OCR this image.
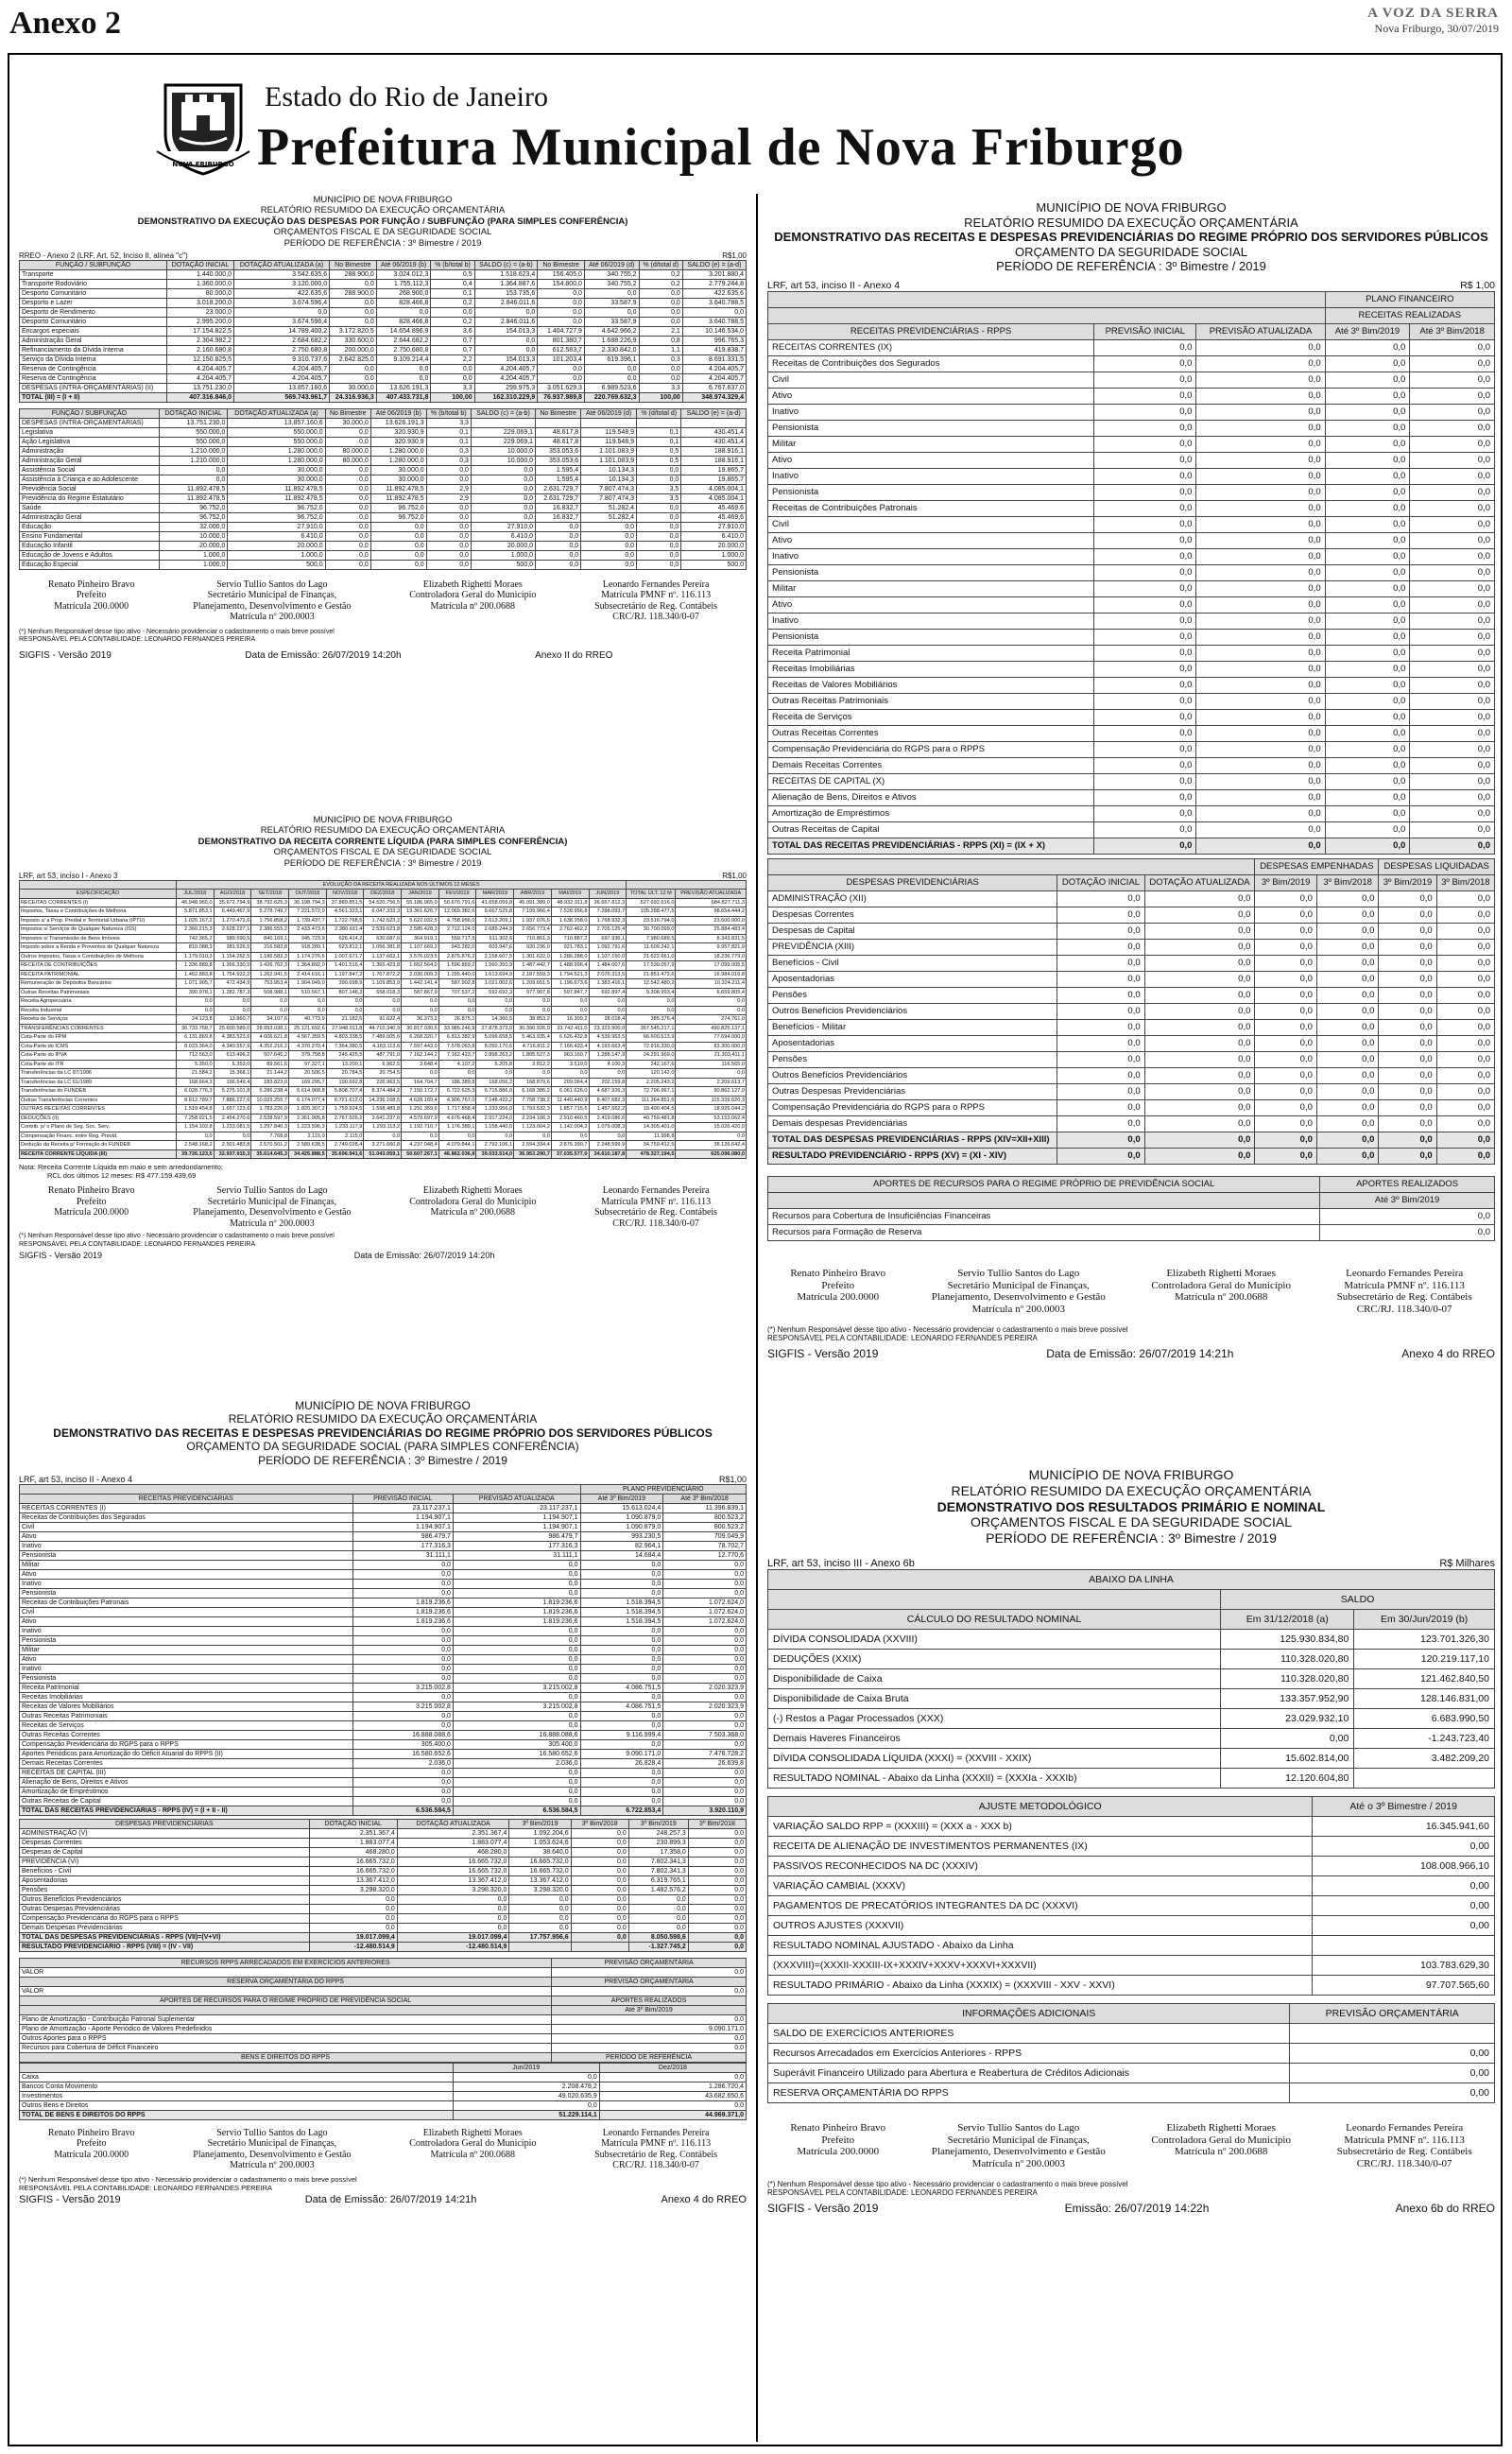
Anexo 2	A VOZ DA SERRA
Nova Friburgo, 30/07/2019
NOVA FRIBURGO
Estado do Rio de Janeiro
Prefeitura Municipal de Nova Friburgo
MUNICÍPIO DE NOVA FRIBURGO
RELATÓRIO RESUMIDO DA EXECUÇÃO ORÇAMENTÁRIA
DEMONSTRATIVO DA EXECUÇÃO DAS DESPESAS POR FUNÇÃO / SUBFUNÇÃO (PARA SIMPLES CONFERÊNCIA)
ORÇAMENTOS FISCAL E DA SEGURIDADE SOCIAL
PERÍODO DE REFERÊNCIA : 3º Bimestre / 2019
RREO - Anexo 2 (LRF, Art. 52, Inciso II, alínea "c")	R$1,00
FUNÇÃO / SUBFUNÇÃO	DOTAÇÃO INICIAL	DOTAÇÃO ATUALIZADA (a)	No Bimestre	Até 06/2019 (b)	% (b/total b)	SALDO (c) = (a-b)	No Bimestre	Até 06/2019 (d)	% (d/total d)	SALDO (e) = (a-d)
Transporte	1.440.000,0	3.542.635,6	288.900,0	3.024.012,3	0,5	1.518.623,4	156.405,0	340.755,2	0,2	3.201.880,4
Transporte Rodoviário	1.360.000,0	3.120.000,0	0,0	1.755.112,3	0,4	1.364.887,6	154.800,0	340.755,2	0,2	2.779.244,8
Desporto Comunitário	80.000,0	422.635,6	288.900,0	268.900,0	0,1	153.735,6	0,0	0,0	0,0	422.635,6
Desporto e Lazer	3.018.200,0	3.674.596,4	0,0	828.466,8	0,2	2.846.011,6	0,0	33.587,9	0,0	3.640.788,5
Desporto de Rendimento	23.000,0	0,0	0,0	0,0	0,0	0,0	0,0	0,0	0,0	0,0
Desporto Comunitário	2.995.200,0	3.674.596,4	0,0	828.466,8	0,2	2.846.011,6	0,0	33.587,9	0,0	3.640.788,5
Encargos especiais	17.154.822,5	14.789.400,2	3.172.820,5	14.654.896,9	3,6	154.013,3	1.404.727,9	4.642.966,2	2,1	10.146.534,0
Administração Geral	2.304.982,2	2.684.682,2	330.600,0	2.644.682,2	0,7	0,0	801.380,7	1.688.226,9	0,8	996.765,3
Refinanciamento da Dívida Interna	2.160.680,8	2.750.680,8	200.000,0	2.750.680,8	0,7	0,0	612.583,7	2.330.842,0	1,1	419.838,7
Serviço da Dívida Interna	12.150.825,5	9.310.737,6	2.642.825,0	9.109.214,4	2,2	154.013,3	101.203,4	619.396,1	0,3	8.691.331,5
Reserva de Contingência	4.204.405,7	4.204.405,7	0,0	0,0	0,0	4.204.405,7	0,0	0,0	0,0	4.204.405,7
Reserva de Contingência	4.204.405,7	4.204.405,7	0,0	0,0	0,0	4.204.405,7	0,0	0,0	0,0	4.204.405,7
DESPESAS (INTRA-ORÇAMENTÁRIAS) (II)	13.751.230,0	13.857.160,6	30.000,0	13.626.191,3	3,3	299.975,3	3.051.629,3	6.989.523,6	3,3	6.767.637,0
TOTAL (III) = (I + II)	407.316.846,0	569.743.961,7	24.316.936,3	407.433.731,8	100,00	162.310.229,9	76.937.989,8	220.769.632,3	100,00	348.974.329,4
FUNÇÃO / SUBFUNÇÃO	DOTAÇÃO INICIAL	DOTAÇÃO ATUALIZADA (a)	No Bimestre	Até 06/2019 (b)	% (b/total b)	SALDO (c) = (a-b)	No Bimestre	Até 06/2019 (d)	% (d/total d)	SALDO (e) = (a-d)
DESPESAS (INTRA-ORÇAMENTÁRIAS)	13.751.230,0	13.857.160,6	30.000,0	13.626.191,3	3,3					
Legislativa	550.000,0	550.000,0	0,0	320.930,9	0,1	229.069,1	48.617,8	119.548,9	0,1	430.451,4
Ação Legislativa	550.000,0	550.000,0	0,0	320.930,9	0,1	229.069,1	48.617,8	119.548,9	0,1	430.451,4
Administração	1.210.000,0	1.280.000,0	80.000,0	1.280.000,0	0,3	10.000,0	353.053,6	1.101.083,9	0,5	188.916,1
Administração Geral	1.210.000,0	1.280.000,0	80.000,0	1.280.000,0	0,3	10.000,0	353.053,6	1.101.083,9	0,5	188.916,1
Assistência Social	0,0	30.000,0	0,0	30.000,0	0,0	0,0	1.595,4	10.134,3	0,0	19.865,7
Assistência à Criança e ao Adolescente	0,0	30.000,0	0,0	30.000,0	0,0	0,0	1.595,4	10.134,3	0,0	19.865,7
Previdência Social	11.892.478,5	11.892.478,5	0,0	11.892.478,5	2,9	0,0	2.631.729,7	7.807.474,3	3,5	4.085.004,1
Previdência do Regime Estatutário	11.892.478,5	11.892.478,5	0,0	11.892.478,5	2,9	0,0	2.631.729,7	7.807.474,3	3,5	4.085.004,1
Saúde	96.752,0	96.752,0	0,0	96.752,0	0,0	0,0	16.832,7	51.282,4	0,0	45.469,6
Administração Geral	96.752,0	96.752,0	0,0	96.752,0	0,0	0,0	16.832,7	51.282,4	0,0	45.469,6
Educação	32.000,0	27.910,0	0,0	0,0	0,0	27.910,0	0,0	0,0	0,0	27.910,0
Ensino Fundamental	10.000,0	6.410,0	0,0	0,0	0,0	6.410,0	0,0	0,0	0,0	6.410,0
Educação Infantil	20.000,0	20.000,0	0,0	0,0	0,0	20.000,0	0,0	0,0	0,0	20.000,0
Educação de Jovens e Adultos	1.000,0	1.000,0	0,0	0,0	0,0	1.000,0	0,0	0,0	0,0	1.000,0
Educação Especial	1.000,0	500,0	0,0	0,0	0,0	500,0	0,0	0,0	0,0	500,0
Renato Pinheiro Bravo
Prefeito
Matrícula 200.0000
Servio Tullio Santos do Lago
Secretário Municipal de Finanças,
Planejamento, Desenvolvimento e Gestão
Matrícula nº 200.0003
Elizabeth Righetti Moraes
Controladora Geral do Município
Matrícula nº 200.0688
Leonardo Fernandes Pereira
Matrícula PMNF nº. 116.113
Subsecretário de Reg. Contábeis
CRC/RJ. 118.340/0-07
(*) Nenhum Responsável desse tipo ativo - Necessário providenciar o cadastramento o mais breve possível
RESPONSÁVEL PELA CONTABILIDADE: LEONARDO FERNANDES PEREIRA
SIGFIS - Versão 2019	Data de Emissão: 26/07/2019 14:20h	Anexo II do RREO
MUNICÍPIO DE NOVA FRIBURGO
RELATÓRIO RESUMIDO DA EXECUÇÃO ORÇAMENTÁRIA
DEMONSTRATIVO DA RECEITA CORRENTE LÍQUIDA (PARA SIMPLES CONFERÊNCIA)
ORÇAMENTOS FISCAL E DA SEGURIDADE SOCIAL
PERÍODO DE REFERÊNCIA : 3º Bimestre / 2019
LRF, art 53, inciso I - Anexo 3	R$1,00
	EVOLUÇÃO DA RECEITA REALIZADA NOS ÚLTIMOS 12 MESES													
ESPECIFICAÇÃO	JUL/2018	AGO/2018	SET/2018	OUT/2018	NOV/2018	DEZ/2018	JAN/2019	FEV/2019	MAR/2019	ABR/2019	MAI/2019	JUN/2019	TOTAL ÚLT. 12 M	PREVISÃO ATUALIZADA
RECEITAS CORRENTES (I)	46.948.965,0	35.672.794,9	38.792.625,3	36.198.794,3	37.889.851,5	54.520.756,5	55.186.965,0	50.670.791,6	41.658.059,8	45.091.389,0	48.932.911,8	36.657.812,3	527.692.616,0	684.827.711,3
Impostos, Taxas e Contribuições de Melhoria	5.871.853,1	6.449.467,9	5.278.749,7	7.221.572,0	4.561.323,1	6.047.333,3	19.361.626,7	12.069.382,6	9.667.525,8	7.199.966,4	7.528.956,8	7.288.093,7	105.288.477,5	98.654.444,2
Imposto s/ a Prop. Predial e Territorial Urbana (IPTU)	1.020.167,2	1.270.472,6	1.756.858,2	1.739.437,7	1.722.768,5	1.742.523,2	5.622.032,5	4.758.956,0	2.613.209,1	1.937.076,5	1.638.358,0	1.768.932,3	23.516.794,0	23.600.000,0
Impostos s/ Serviços de Qualquer Natureza (ISS)	2.360.215,3	2.628.227,1	2.386.555,2	2.433.473,6	2.380.611,4	2.539.023,8	2.585.428,3	2.712.124,0	2.689.244,9	2.656.773,4	2.762.462,2	2.705.125,4	30.700.099,0	25.884.483,4
Impostos s/ Transmissão de Bens Imóveis	742.365,2	989.590,5	840.169,1	945.723,9	626.414,2	630.687,6	364.919,1	559.717,5	611.302,6	710.861,3	710.887,2	697.936,1	7.980.689,5	8.343.831,5
Imposto sobre a Renda e Proventos de Qualquer Natureza	810.088,3	381.526,5	216.582,8	918.289,1	623.812,1	1.056.381,8	1.107.669,2	943.282,0	603.947,6	920.236,0	921.783,1	1.092.791,6	11.609.242,1	9.957.821,9
Outros Impostos, Taxas e Contribuições de Melhoria	1.179.010,3	1.154.262,5	1.186.582,3	1.174.276,6	1.007.671,7	1.137.662,1	3.576.023,5	2.875.876,2	2.158.607,5	1.301.622,0	1.286.288,0	1.107.150,0	21.622.661,0	18.236.779,0
RECEITA DE CONTRIBUIÇÕES	1.336.889,8	1.366.330,5	1.426.762,3	1.364.892,0	1.401.516,4	1.365.423,8	1.652.564,0	1.596.869,2	1.560.350,9	1.487.442,7	1.488.996,4	1.484.007,6	17.530.057,9	17.099.005,5
RECEITA PATRIMONIAL	1.462.883,8	1.754.922,2	1.262.941,5	2.414.616,1	1.197.847,2	1.767.872,2	2.030.009,3	1.295.440,0	1.613.694,9	2.187.559,3	1.794.521,3	2.076.313,5	21.851.473,6	16.984.016,8
Remuneração de Depósitos Bancários	1.071.905,7	472.434,9	753.953,4	1.904.049,0	390.698,9	1.109.853,9	1.442.141,4	587.902,8	1.021.002,6	1.209.651,5	1.196.673,6	1.383.416,1	12.542.480,2	10.324.211,4
Outras Receitas Patrimoniais	390.978,1	1.282.787,3	508.988,1	510.567,1	807.148,3	658.018,3	587.867,9	707.537,2	592.692,3	977.907,8	597.847,7	692.897,4	9.308.993,4	6.659.805,4
Receita Agropecuária	0,0	0,0	0,0	0,0	0,0	0,0	0,0	0,0	0,0	0,0	0,0	0,0	0,0	0,0
Receita Industrial	0,0	0,0	0,0	0,0	0,0	0,0	0,0	0,0	0,0	0,0	0,0	0,0	0,0	0,0
Receita de Serviços	24.123,8	13.860,7	34.107,6	40.773,9	21.182,6	91.622,4	36.373,2	26.875,1	14.360,5	38.853,2	16.309,2	28.018,4	385.376,4	274.761,0
TRANSFERÊNCIAS CORRENTES	36.733.758,7	25.600.589,0	28.993.038,1	25.121.692,6	27.948.011,8	44.710.340,9	30.817.030,6	33.985.246,9	27.878.373,0	30.390.926,0	33.742.411,0	23.323.900,0	367.545.217,1	490.825.137,1
Cota-Parte do FPM	6.131.869,8	4.383.523,6	4.606.621,8	4.567.359,5	4.803.338,5	7.489.005,6	6.268.320,7	6.813.382,9	5.096.658,5	5.463.935,4	6.626.432,8	4.539.963,5	66.600.513,9	77.694.000,0
Cota-Parte do ICMS	8.023.364,0	4.340.557,9	4.352.216,2	4.370.270,4	7.364.380,5	4.163.113,6	7.597.443,0	7.578.063,8	8.050.170,6	4.716.811,2	7.166.433,4	4.193.663,4	72.916.330,0	83.300.000,0
Cota-Parte do IPVA	712.563,0	613.496,2	507.645,2	379.758,8	245.425,5	487.791,0	7.162.144,2	7.162.423,7	2.898.263,2	1.805.527,3	963.160,7	1.288.147,9	24.291.969,0	21.303.411,1
Cota-Parte do ITR	5.350,0	6.353,0	89.561,6	97.327,1	13.200,1	6.962,5	3.648,4	4.107,2	5.205,8	3.812,2	3.519,0	4.100,3	242.167,6	116.565,0
Transferências da LC 87/1996	21.584,2	15.368,1	21.144,2	20.506,5	20.784,5	20.754,5	0,0	0,0	0,0	0,0	0,0	0,0	120.142,0	0,0
Transferências da LC 61/1989	168.664,3	166.549,4	183.823,0	169.295,7	190.692,8	226.963,5	164.704,7	186.389,8	168.056,2	168.879,6	209.064,4	202.159,8	2.205.243,2	2.209.613,7
Transferências do FUNDEB	6.028.776,3	5.275.101,8	5.286.238,4	5.614.968,8	5.808.707,4	8.374.484,2	7.150.172,7	6.722.625,3	6.715.886,0	6.168.386,2	6.061.626,0	4.687.926,3	72.796.967,1	90.862.127,0
Outras Transferências Correntes	8.612.789,7	7.886.227,6	10.023.255,7	6.174.077,4	6.721.612,0	14.236.168,5	4.628.169,4	4.906.767,0	7.148.422,2	7.758.738,2	11.440.440,9	8.407.682,3	111.364.851,5	115.339.620,3
OUTRAS RECEITAS CORRENTES	1.519.454,8	1.657.123,6	1.783.226,0	1.820.307,2	1.759.924,5	1.598.483,8	1.291.359,6	1.717.858,4	1.233.956,0	1.793.532,3	1.857.715,6	1.457.562,2	19.490.404,5	18.926.044,2
DEDUÇÕES (II)	7.258.921,5	2.454.270,6	2.538.597,9	2.361.905,8	2.767.505,2	3.641.237,6	4.579.697,9	4.676.468,4	2.917.224,0	2.234.106,3	2.910.460,5	2.419.086,6	40.759.481,8	53.153.062,4
Contrib. p/ o Plano de Seg. Soc. Serv.	1.154.102,8	1.233.081,5	1.297.840,3	1.223.596,3	1.233.117,9	1.293.113,2	1.192.710,7	1.176.389,1	1.158.440,0	1.123.004,2	1.142.004,2	1.079.008,3	14.305.401,0	15.026.420,0
Compensação Financ. entre Reg. Previd.	0,0	0,0	7.768,8	2.115,0	2.115,0	0,0	0,0	0,0	0,0	0,0	0,0	0,0	11.998,8	0,0
Dedução da Receita p/ Formação do FUNDEB	2.548.168,2	2.501.483,8	2.570.501,2	2.589.638,5	2.749.028,4	3.271.660,8	4.237.048,4	4.079.844,1	2.792.106,1	2.594.334,4	2.876.390,7	2.248.599,9	34.759.412,5	38.126.642,4
RECEITA CORRENTE LÍQUIDA (III)	39.726.123,5	32.937.915,3	35.614.645,3	34.425.888,5	35.696.941,6	51.043.059,1	50.607.267,1	46.862.036,8	39.033.514,0	36.953.290,7	37.035.577,0	34.610.187,8	478.327.194,5	625.096.080,0
Nota: Receita Corrente Líquida em maio e sem arredondamento:
RCL dos últimos 12 meses: R$ 477.159.439,69
Renato Pinheiro Bravo
Prefeito
Matrícula 200.0000
Servio Tullio Santos do Lago
Secretário Municipal de Finanças,
Planejamento, Desenvolvimento e Gestão
Matrícula nº 200.0003
Elizabeth Righetti Moraes
Controladora Geral do Município
Matrícula nº 200.0688
Leonardo Fernandes Pereira
Matrícula PMNF nº. 116.113
Subsecretário de Reg. Contábeis
CRC/RJ. 118.340/0-07
(*) Nenhum Responsável desse tipo ativo - Necessário providenciar o cadastramento o mais breve possível
RESPONSÁVEL PELA CONTABILIDADE: LEONARDO FERNANDES PEREIRA
SIGFIS - Versão 2019	Data de Emissão: 26/07/2019 14:20h
MUNICÍPIO DE NOVA FRIBURGO
RELATÓRIO RESUMIDO DA EXECUÇÃO ORÇAMENTÁRIA
DEMONSTRATIVO DAS RECEITAS E DESPESAS PREVIDENCIÁRIAS DO REGIME PRÓPRIO DOS SERVIDORES PÚBLICOS
ORÇAMENTO DA SEGURIDADE SOCIAL (PARA SIMPLES CONFERÊNCIA)
PERÍODO DE REFERÊNCIA : 3º Bimestre / 2019
LRF, art 53, inciso II - Anexo 4	R$1,00
			PLANO PREVIDENCIÁRIO	
RECEITAS PREVIDENCIÁRIAS	PREVISÃO INICIAL	PREVISÃO ATUALIZADA	Até 3º Bim/2019	Até 3º Bim/2018
RECEITAS CORRENTES (I)	23.117.237,1	23.117.237,1	15.613.024,4	11.396.839,1
Receitas de Contribuições dos Segurados	1.194.907,1	1.194.907,1	1.090.879,0	800.523,2
Civil	1.194.907,1	1.194.907,1	1.090.879,0	800.523,2
Ativo	986.479,7	986.479,7	993.230,5	709.049,9
Inativo	177.316,3	177.316,3	82.964,1	78.702,7
Pensionista	31.111,1	31.111,1	14.684,4	12.770,6
Militar	0,0	0,0	0,0	0,0
Ativo	0,0	0,0	0,0	0,0
Inativo	0,0	0,0	0,0	0,0
Pensionista	0,0	0,0	0,0	0,0
Receitas de Contribuições Patronais	1.819.236,6	1.819.236,6	1.518.394,5	1.072.624,0
Civil	1.819.236,6	1.819.236,6	1.518.394,5	1.072.624,0
Ativo	1.819.236,6	1.819.236,6	1.518.394,5	1.072.624,0
Inativo	0,0	0,0	0,0	0,0
Pensionista	0,0	0,0	0,0	0,0
Militar	0,0	0,0	0,0	0,0
Ativo	0,0	0,0	0,0	0,0
Inativo	0,0	0,0	0,0	0,0
Pensionista	0,0	0,0	0,0	0,0
Receita Patrimonial	3.215.002,8	3.215.002,8	4.086.751,5	2.020.323,9
Receitas Imobiliárias	0,0	0,0	0,0	0,0
Receitas de Valores Mobiliários	3.215.002,8	3.215.002,8	4.086.751,5	2.020.323,9
Outras Receitas Patrimoniais	0,0	0,0	0,0	0,0
Receitas de Serviços	0,0	0,0	0,0	0,0
Outras Receitas Correntes	16.888.088,6	16.888.088,6	9.116.999,4	7.503.368,0
Compensação Previdenciária do RGPS para o RPPS	305.400,0	305.400,0	0,0	0,0
Aportes Periódicos para Amortização do Déficit Atuarial do RPPS (II)	16.580.652,6	16.580.652,6	9.090.171,0	7.476.728,2
Demais Receitas Correntes	2.036,0	2.036,0	26.828,4	26.639,8
RECEITAS DE CAPITAL (III)	0,0	0,0	0,0	0,0
Alienação de Bens, Direitos e Ativos	0,0	0,0	0,0	0,0
Amortização de Empréstimos	0,0	0,0	0,0	0,0
Outras Receitas de Capital	0,0	0,0	0,0	0,0
TOTAL DAS RECEITAS PREVIDENCIÁRIAS - RPPS (IV) = (I + II - II)	6.536.584,5	6.536.584,5	6.722.853,4	3.920.110,9
DESPESAS PREVIDENCIÁRIAS	DOTAÇÃO INICIAL	DOTAÇÃO ATUALIZADA	3º Bim/2019	3º Bim/2018	3º Bim/2019	3º Bim/2018
ADMINISTRAÇÃO (V)	2.351.367,4	2.351.367,4	1.092.204,6	0,0	248.257,3	0,0
Despesas Correntes	1.883.077,4	1.883.077,4	1.053.624,6	0,0	230.899,3	0,0
Despesas de Capital	468.280,0	468.280,0	38.640,0	0,0	17.358,0	0,0
PREVIDÊNCIA (VI)	16.665.732,0	16.665.732,0	16.665.732,0	0,0	7.802.341,3	0,0
Benefícios - Civil	16.665.732,0	16.665.732,0	16.665.732,0	0,0	7.802.341,3	0,0
Aposentadorias	13.367.412,0	13.367.412,0	13.367.412,0	0,0	6.319.765,1	0,0
Pensões	3.298.320,0	3.298.320,0	3.298.320,0	0,0	1.482.576,2	0,0
Outros Benefícios Previdenciários	0,0	0,0	0,0	0,0	0,0	0,0
Outras Despesas Previdenciárias	0,0	0,0	0,0	0,0	0,0	0,0
Compensação Previdenciária do RGPS para o RPPS	0,0	0,0	0,0	0,0	0,0	0,0
Demais Despesas Previdenciárias	0,0	0,0	0,0	0,0	0,0	0,0
TOTAL DAS DESPESAS PREVIDENCIÁRIAS - RPPS (VII)=(V+VI)	19.017.099,4	19.017.099,4	17.757.956,6	0,0	8.050.598,6	0,0
RESULTADO PREVIDENCIÁRIO - RPPS (VIII) = (IV - VII)	-12.480.514,9	-12.480.514,9			-1.327.745,2	0,0
RECURSOS RPPS ARRECADADOS EM EXERCÍCIOS ANTERIORES	PREVISÃO ORÇAMENTÁRIA
VALOR	0,0
RESERVA ORÇAMENTÁRIA DO RPPS	PREVISÃO ORÇAMENTÁRIA
VALOR	0,0
APORTES DE RECURSOS PARA O REGIME PRÓPRIO DE PREVIDÊNCIA SOCIAL	APORTES REALIZADOS
	Até 3º Bim/2019
Plano de Amortização - Contribuição Patronal Suplementar	0,0
Plano de Amortização - Aporte Periódico de Valores Predefinidos	9.090.171,0
Outros Aportes para o RPPS	0,0
Recursos para Cobertura de Déficit Financeiro	0,0
BENS E DIREITOS DO RPPS	PERÍODO DE REFERÊNCIA
	Jun/2019	Dez/2018
Caixa	0,0	0,0
Bancos Conta Movimento	2.208.478,2	1.286.720,4
Investimentos	49.020.635,9	43.682.650,6
Outros Bens e Direitos	0,0	0,0
TOTAL DE BENS E DIREITOS DO RPPS	51.229.114,1	44.969.371,0
Renato Pinheiro Bravo
Prefeito
Matrícula 200.0000
Servio Tullio Santos do Lago
Secretário Municipal de Finanças,
Planejamento, Desenvolvimento e Gestão
Matrícula nº 200.0003
Elizabeth Righetti Moraes
Controladora Geral do Município
Matrícula nº 200.0688
Leonardo Fernandes Pereira
Matrícula PMNF nº. 116.113
Subsecretário de Reg. Contábeis
CRC/RJ. 118.340/0-07
(*) Nenhum Responsável desse tipo ativo - Necessário providenciar o cadastramento o mais breve possível
RESPONSÁVEL PELA CONTABILIDADE: LEONARDO FERNANDES PEREIRA
SIGFIS - Versão 2019	Data de Emissão: 26/07/2019 14:21h	Anexo 4 do RREO
MUNICÍPIO DE NOVA FRIBURGO
RELATÓRIO RESUMIDO DA EXECUÇÃO ORÇAMENTÁRIA
DEMONSTRATIVO DAS RECEITAS E DESPESAS PREVIDENCIÁRIAS DO REGIME PRÓPRIO DOS SERVIDORES PÚBLICOS
ORÇAMENTO DA SEGURIDADE SOCIAL
PERÍODO DE REFERÊNCIA : 3º Bimestre / 2019
LRF, art 53, inciso II - Anexo 4	R$ 1,00
			PLANO FINANCEIRO	
			RECEITAS REALIZADAS	
RECEITAS PREVIDENCIÁRIAS - RPPS	PREVISÃO INICIAL	PREVISÃO ATUALIZADA	Até 3º Bim/2019	Até 3º Bim/2018
RECEITAS CORRENTES (IX)	0,0	0,0	0,0	0,0
Receitas de Contribuições dos Segurados	0,0	0,0	0,0	0,0
Civil	0,0	0,0	0,0	0,0
Ativo	0,0	0,0	0,0	0,0
Inativo	0,0	0,0	0,0	0,0
Pensionista	0,0	0,0	0,0	0,0
Militar	0,0	0,0	0,0	0,0
Ativo	0,0	0,0	0,0	0,0
Inativo	0,0	0,0	0,0	0,0
Pensionista	0,0	0,0	0,0	0,0
Receitas de Contribuições Patronais	0,0	0,0	0,0	0,0
Civil	0,0	0,0	0,0	0,0
Ativo	0,0	0,0	0,0	0,0
Inativo	0,0	0,0	0,0	0,0
Pensionista	0,0	0,0	0,0	0,0
Militar	0,0	0,0	0,0	0,0
Ativo	0,0	0,0	0,0	0,0
Inativo	0,0	0,0	0,0	0,0
Pensionista	0,0	0,0	0,0	0,0
Receita Patrimonial	0,0	0,0	0,0	0,0
Receitas Imobiliárias	0,0	0,0	0,0	0,0
Receitas de Valores Mobiliários	0,0	0,0	0,0	0,0
Outras Receitas Patrimoniais	0,0	0,0	0,0	0,0
Receita de Serviços	0,0	0,0	0,0	0,0
Outras Receitas Correntes	0,0	0,0	0,0	0,0
Compensação Previdenciária do RGPS para o RPPS	0,0	0,0	0,0	0,0
Demais Receitas Correntes	0,0	0,0	0,0	0,0
RECEITAS DE CAPITAL (X)	0,0	0,0	0,0	0,0
Alienação de Bens, Direitos e Ativos	0,0	0,0	0,0	0,0
Amortização de Empréstimos	0,0	0,0	0,0	0,0
Outras Receitas de Capital	0,0	0,0	0,0	0,0
TOTAL DAS RECEITAS PREVIDENCIÁRIAS - RPPS (XI) = (IX + X)	0,0	0,0	0,0	0,0
			DESPESAS EMPENHADAS		DESPESAS LIQUIDADAS	
DESPESAS PREVIDENCIÁRIAS	DOTAÇÃO INICIAL	DOTAÇÃO ATUALIZADA	3º Bim/2019	3º Bim/2018	3º Bim/2019	3º Bim/2018
ADMINISTRAÇÃO (XII)	0,0	0,0	0,0	0,0	0,0	0,0
Despesas Correntes	0,0	0,0	0,0	0,0	0,0	0,0
Despesas de Capital	0,0	0,0	0,0	0,0	0,0	0,0
PREVIDÊNCIA (XIII)	0,0	0,0	0,0	0,0	0,0	0,0
Benefícios - Civil	0,0	0,0	0,0	0,0	0,0	0,0
Aposentadorias	0,0	0,0	0,0	0,0	0,0	0,0
Pensões	0,0	0,0	0,0	0,0	0,0	0,0
Outros Benefícios Previdenciários	0,0	0,0	0,0	0,0	0,0	0,0
Benefícios - Militar	0,0	0,0	0,0	0,0	0,0	0,0
Aposentadorias	0,0	0,0	0,0	0,0	0,0	0,0
Pensões	0,0	0,0	0,0	0,0	0,0	0,0
Outros Benefícios Previdenciários	0,0	0,0	0,0	0,0	0,0	0,0
Outras Despesas Previdenciárias	0,0	0,0	0,0	0,0	0,0	0,0
Compensação Previdenciária do RGPS para o RPPS	0,0	0,0	0,0	0,0	0,0	0,0
Demais despesas Previdenciárias	0,0	0,0	0,0	0,0	0,0	0,0
TOTAL DAS DESPESAS PREVIDENCIÁRIAS - RPPS (XIV=XII+XIII)	0,0	0,0	0,0	0,0	0,0	0,0
RESULTADO PREVIDENCIÁRIO - RPPS (XV) = (XI - XIV)	0,0	0,0	0,0	0,0	0,0	0,0
APORTES DE RECURSOS PARA O REGIME PRÓPRIO DE PREVIDÊNCIA SOCIAL	APORTES REALIZADOS
	Até 3º Bim/2019
Recursos para Cobertura de Insuficiências Financeiras	0,0
Recursos para Formação de Reserva	0,0
Renato Pinheiro Bravo
Prefeito
Matrícula 200.0000
Servio Tullio Santos do Lago
Secretário Municipal de Finanças,
Planejamento, Desenvolvimento e Gestão
Matrícula nº 200.0003
Elizabeth Righetti Moraes
Controladora Geral do Município
Matrícula nº 200.0688
Leonardo Fernandes Pereira
Matrícula PMNF nº. 116.113
Subsecretário de Reg. Contábeis
CRC/RJ. 118.340/0-07
(*) Nenhum Responsável desse tipo ativo - Necessário providenciar o cadastramento o mais breve possível
RESPONSÁVEL PELA CONTABILIDADE: LEONARDO FERNANDES PEREIRA
SIGFIS - Versão 2019	Data de Emissão: 26/07/2019 14:21h	Anexo 4 do RREO
MUNICÍPIO DE NOVA FRIBURGO
RELATÓRIO RESUMIDO DA EXECUÇÃO ORÇAMENTÁRIA
DEMONSTRATIVO DOS RESULTADOS PRIMÁRIO E NOMINAL
ORÇAMENTOS FISCAL E DA SEGURIDADE SOCIAL
PERÍODO DE REFERÊNCIA : 3º Bimestre / 2019
LRF, art 53, inciso III - Anexo 6b	R$ Milhares
ABAIXO DA LINHA		
	SALDO	
CÁLCULO DO RESULTADO NOMINAL	Em 31/12/2018 (a)	Em 30/Jun/2019 (b)
DÍVIDA CONSOLIDADA (XXVIII)	125.930.834,80	123.701.326,30
DEDUÇÕES (XXIX)	110.328.020,80	120.219.117,10
Disponibilidade de Caixa	110.328.020,80	121.462.840,50
Disponibilidade de Caixa Bruta	133.357.952,90	128.146.831,00
(-) Restos a Pagar Processados (XXX)	23.029.932,10	6.683.990,50
Demais Haveres Financeiros	0,00	-1.243.723,40
DÍVIDA CONSOLIDADA LÍQUIDA (XXXI) = (XXVIII - XXIX)	15.602.814,00	3.482.209,20
RESULTADO NOMINAL - Abaixo da Linha (XXXII) = (XXXIa - XXXIb)	12.120.604,80	
AJUSTE METODOLÓGICO	Até o 3º Bimestre / 2019
VARIAÇÃO SALDO RPP = (XXXIII) = (XXX a - XXX b)	16.345.941,60
RECEITA DE ALIENAÇÃO DE INVESTIMENTOS PERMANENTES (IX)	0,00
PASSIVOS RECONHECIDOS NA DC (XXXIV)	108.008.966,10
VARIAÇÃO CAMBIAL (XXXV)	0,00
PAGAMENTOS DE PRECATÓRIOS INTEGRANTES DA DC (XXXVI)	0,00
OUTROS AJUSTES (XXXVII)	0,00
RESULTADO NOMINAL AJUSTADO - Abaixo da Linha	
(XXXVIII)=(XXXII-XXXIII-IX+XXXIV+XXXV+XXXVI+XXXVII)	103.783.629,30
RESULTADO PRIMÁRIO - Abaixo da Linha (XXXIX) = (XXXVIII - XXV - XXVI)	97.707.565,60
INFORMAÇÕES ADICIONAIS	PREVISÃO ORÇAMENTÁRIA
SALDO DE EXERCÍCIOS ANTERIORES	
Recursos Arrecadados em Exercícios Anteriores - RPPS	0,00
Superávit Financeiro Utilizado para Abertura e Reabertura de Créditos Adicionais	0,00
RESERVA ORÇAMENTÁRIA DO RPPS	0,00
Renato Pinheiro Bravo
Prefeito
Matrícula 200.0000
Servio Tullio Santos do Lago
Secretário Municipal de Finanças,
Planejamento, Desenvolvimento e Gestão
Matrícula nº 200.0003
Elizabeth Righetti Moraes
Controladora Geral do Município
Matrícula nº 200.0688
Leonardo Fernandes Pereira
Matrícula PMNF nº. 116.113
Subsecretário de Reg. Contábeis
CRC/RJ. 118.340/0-07
(*) Nenhum Responsável desse tipo ativo - Necessário providenciar o cadastramento o mais breve possível
RESPONSÁVEL PELA CONTABILIDADE: LEONARDO FERNANDES PEREIRA
SIGFIS - Versão 2019	Emissão: 26/07/2019 14:22h	Anexo 6b do RREO
